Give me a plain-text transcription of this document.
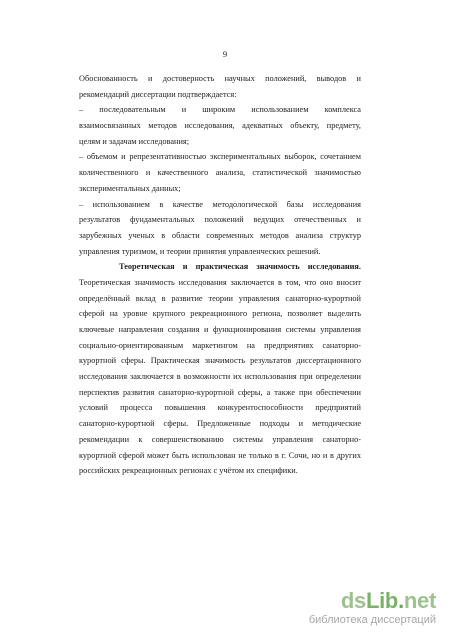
9
Обоснованность и достоверность научных положений, выводов и
рекомендаций диссертации подтверждается:
– последовательным и широким использованием комплекса
взаимосвязанных методов исследования, адекватных объекту, предмету,
целям и задачам исследования;
– объемом и репрезентативностью экспериментальных выборок, сочетанием
количественного и качественного анализа, статистической значимостью
экспериментальных данных;
– использованием в качестве методологической базы исследования
результатов фундаментальных положений ведущих отечественных и
зарубежных ученых в области современных методов анализа структур
управления туризмом, и теории принятия управленческих решений.
Теоретическая и практическая значимость исследования.
Теоретическая значимость исследования заключается в том, что оно вносит
определённый вклад в развитие теории управления санаторно-курортной
сферой на уровне крупного рекреационного региона, позволяет выделить
ключевые направления создания и функционирования системы управления
социально-ориентированным маркетингом на предприятиях санаторно-
курортной сферы. Практическая значимость результатов диссертационного
исследования заключается в возможности их использования при определении
перспектив развития санаторно-курортной сферы, а также при обеспечении
условий процесса повышения конкурентоспособности предприятий
санаторно-курортной сферы. Предложенные подходы и методические
рекомендации к совершенствованию системы управления санаторно-
курортной сферой может быть использован не только в г. Сочи, но и в других
российских рекреационных регионах с учётом их специфики.
dsLib.net
библиотека диссертаций
